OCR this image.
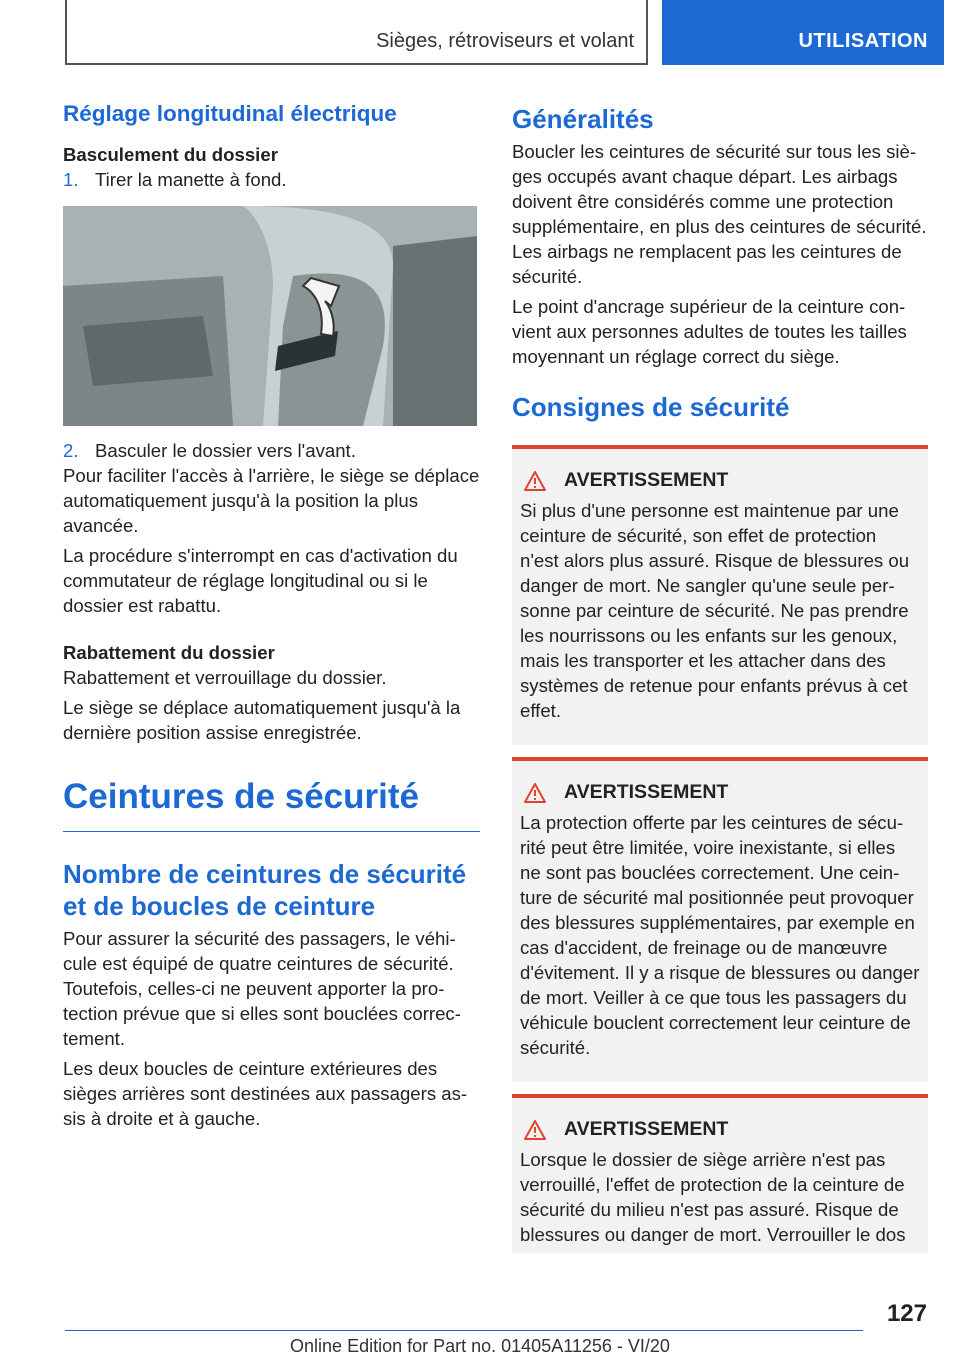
Sièges, rétroviseurs et volant	UTILISATION
Réglage longitudinal électrique
Basculement du dossier
1. Tirer la manette à fond.
2. Basculer le dossier vers l'avant.
Pour faciliter l'accès à l'arrière, le siège se déplace automatiquement jusqu'à la position la plus avancée.
La procédure s'interrompt en cas d'activation du commutateur de réglage longitudinal ou si le dossier est rabattu.
Rabattement du dossier
Rabattement et verrouillage du dossier.
Le siège se déplace automatiquement jusqu'à la dernière position assise enregistrée.
Ceintures de sécurité
Nombre de ceintures de sécurité et de boucles de ceinture
Pour assurer la sécurité des passagers, le véhicule est équipé de quatre ceintures de sécurité. Toutefois, celles-ci ne peuvent apporter la protection prévue que si elles sont bouclées correctement.
Les deux boucles de ceinture extérieures des sièges arrières sont destinées aux passagers assis à droite et à gauche.
Généralités
Boucler les ceintures de sécurité sur tous les sièges occupés avant chaque départ. Les airbags doivent être considérés comme une protection supplémentaire, en plus des ceintures de sécurité. Les airbags ne remplacent pas les ceintures de sécurité.
Le point d'ancrage supérieur de la ceinture convient aux personnes adultes de toutes les tailles moyennant un réglage correct du siège.
Consignes de sécurité
AVERTISSEMENT
Si plus d'une personne est maintenue par une ceinture de sécurité, son effet de protection n'est alors plus assuré. Risque de blessures ou danger de mort. Ne sangler qu'une seule personne par ceinture de sécurité. Ne pas prendre les nourrissons ou les enfants sur les genoux, mais les transporter et les attacher dans des systèmes de retenue pour enfants prévus à cet effet.
AVERTISSEMENT
La protection offerte par les ceintures de sécurité peut être limitée, voire inexistante, si elles ne sont pas bouclées correctement. Une ceinture de sécurité mal positionnée peut provoquer des blessures supplémentaires, par exemple en cas d'accident, de freinage ou de manœuvre d'évitement. Il y a risque de blessures ou danger de mort. Veiller à ce que tous les passagers du véhicule bouclent correctement leur ceinture de sécurité.
AVERTISSEMENT
Lorsque le dossier de siège arrière n'est pas verrouillé, l'effet de protection de la ceinture de sécurité du milieu n'est pas assuré. Risque de blessures ou danger de mort. Verrouiller le dos
127
Online Edition for Part no. 01405A11256 - VI/20
